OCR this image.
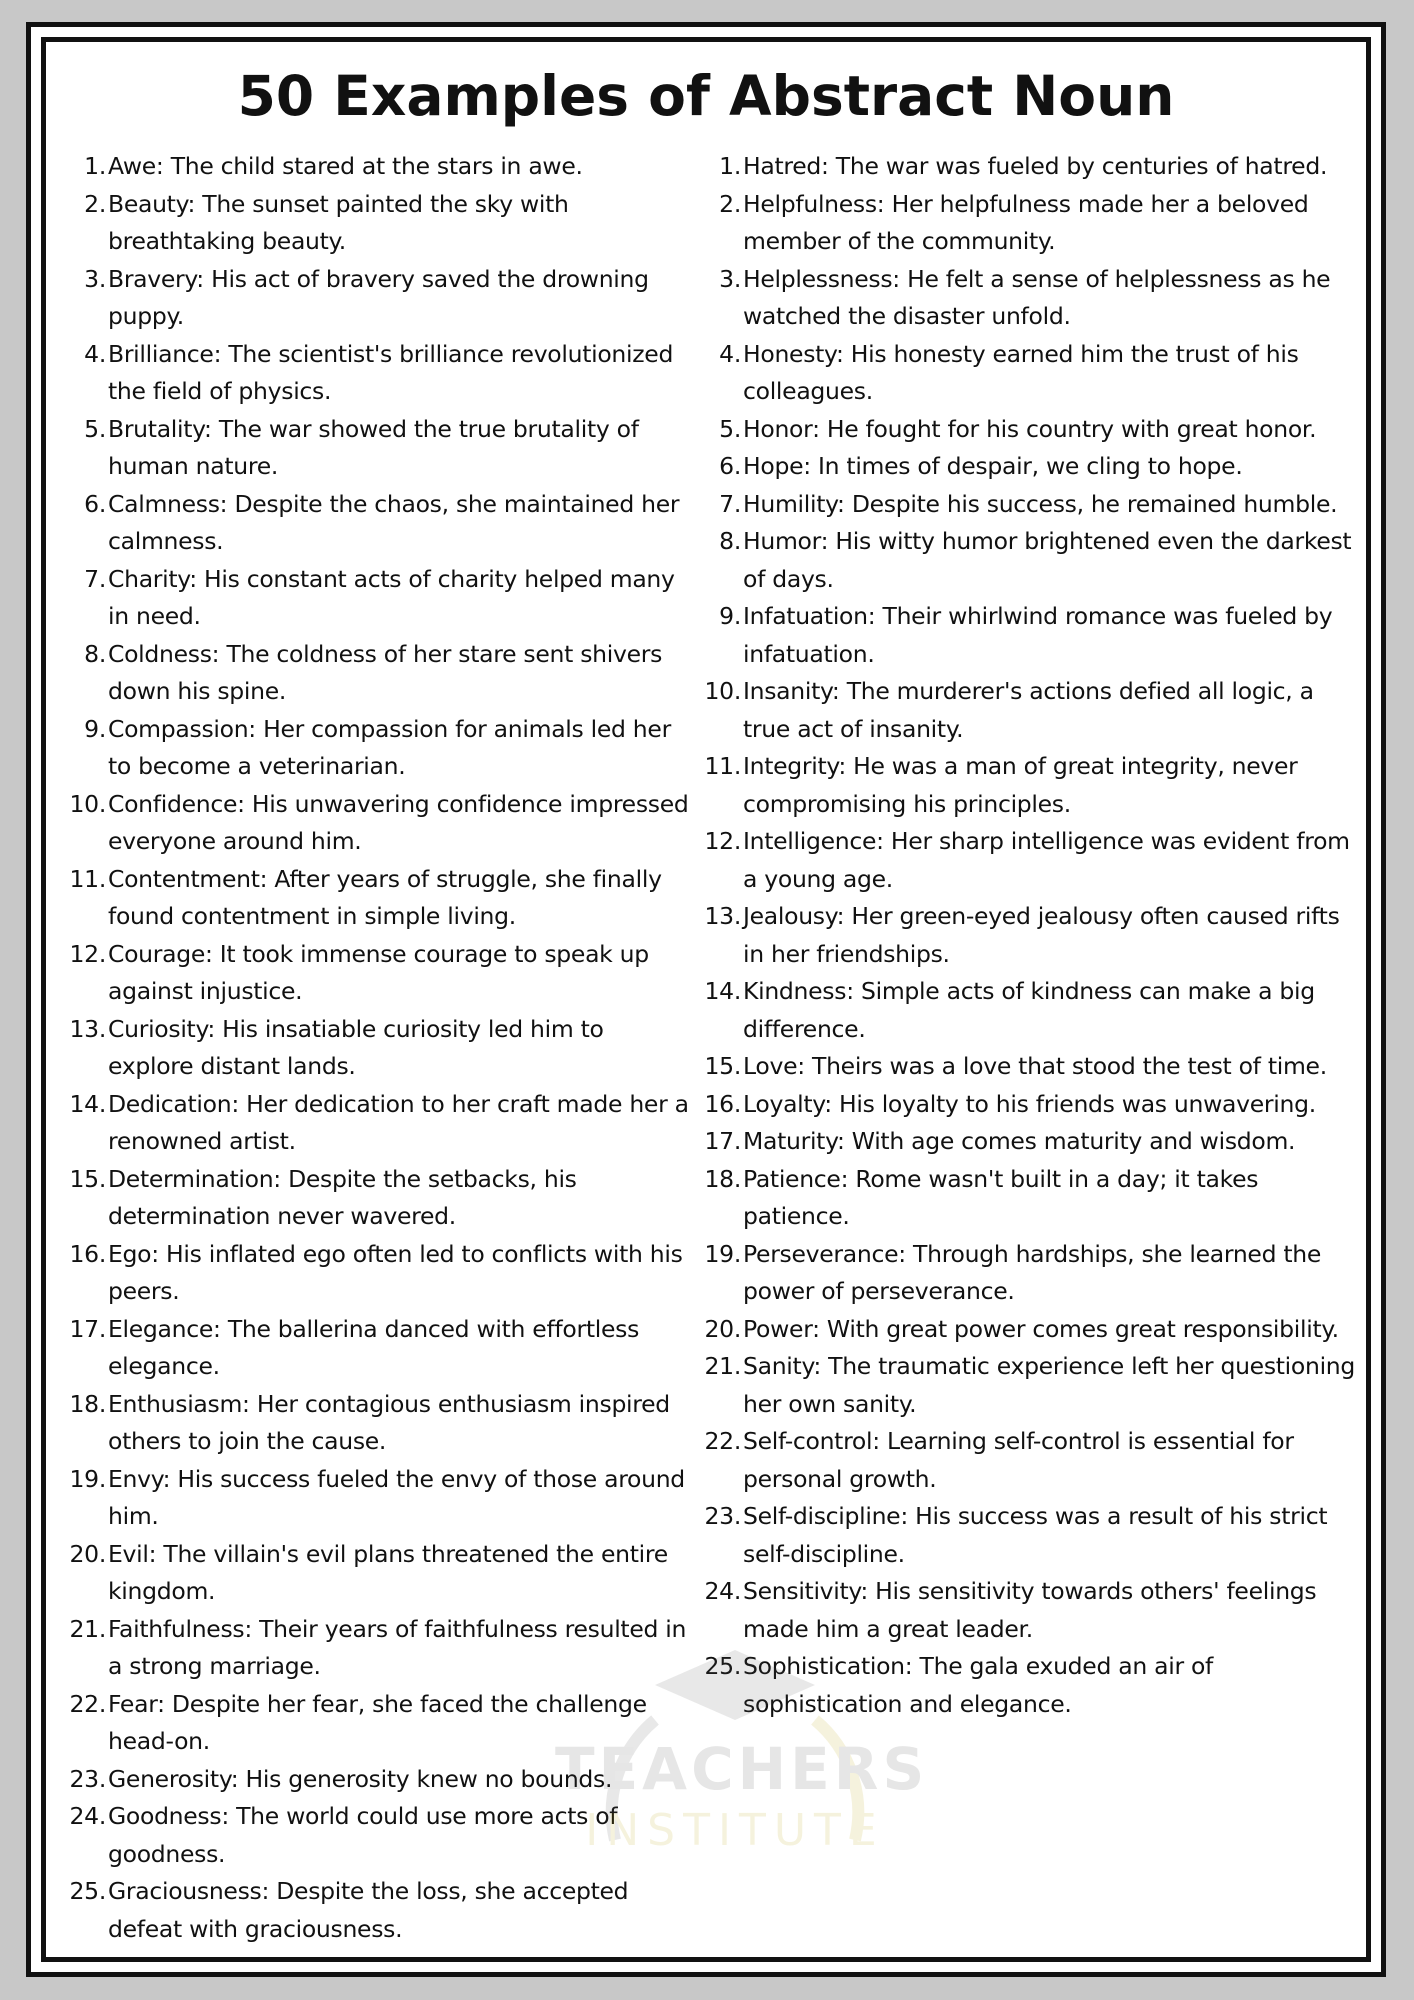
50 Examples of Abstract Noun
1. Awe: The child stared at the stars in awe.
2. Beauty: The sunset painted the sky with breathtaking beauty.
3. Bravery: His act of bravery saved the drowning puppy.
4. Brilliance: The scientist's brilliance revolutionized the field of physics.
5. Brutality: The war showed the true brutality of human nature.
6. Calmness: Despite the chaos, she maintained her calmness.
7. Charity: His constant acts of charity helped many in need.
8. Coldness: The coldness of her stare sent shivers down his spine.
9. Compassion: Her compassion for animals led her to become a veterinarian.
10. Confidence: His unwavering confidence impressed everyone around him.
11. Contentment: After years of struggle, she finally found contentment in simple living.
12. Courage: It took immense courage to speak up against injustice.
13. Curiosity: His insatiable curiosity led him to explore distant lands.
14. Dedication: Her dedication to her craft made her a renowned artist.
15. Determination: Despite the setbacks, his determination never wavered.
16. Ego: His inflated ego often led to conflicts with his peers.
17. Elegance: The ballerina danced with effortless elegance.
18. Enthusiasm: Her contagious enthusiasm inspired others to join the cause.
19. Envy: His success fueled the envy of those around him.
20. Evil: The villain's evil plans threatened the entire kingdom.
21. Faithfulness: Their years of faithfulness resulted in a strong marriage.
22. Fear: Despite her fear, she faced the challenge head-on.
23. Generosity: His generosity knew no bounds.
24. Goodness: The world could use more acts of goodness.
25. Graciousness: Despite the loss, she accepted defeat with graciousness.
1. Hatred: The war was fueled by centuries of hatred.
2. Helpfulness: Her helpfulness made her a beloved member of the community.
3. Helplessness: He felt a sense of helplessness as he watched the disaster unfold.
4. Honesty: His honesty earned him the trust of his colleagues.
5. Honor: He fought for his country with great honor.
6. Hope: In times of despair, we cling to hope.
7. Humility: Despite his success, he remained humble.
8. Humor: His witty humor brightened even the darkest of days.
9. Infatuation: Their whirlwind romance was fueled by infatuation.
10. Insanity: The murderer's actions defied all logic, a true act of insanity.
11. Integrity: He was a man of great integrity, never compromising his principles.
12. Intelligence: Her sharp intelligence was evident from a young age.
13. Jealousy: Her green-eyed jealousy often caused rifts in her friendships.
14. Kindness: Simple acts of kindness can make a big difference.
15. Love: Theirs was a love that stood the test of time.
16. Loyalty: His loyalty to his friends was unwavering.
17. Maturity: With age comes maturity and wisdom.
18. Patience: Rome wasn't built in a day; it takes patience.
19. Perseverance: Through hardships, she learned the power of perseverance.
20. Power: With great power comes great responsibility.
21. Sanity: The traumatic experience left her questioning her own sanity.
22. Self-control: Learning self-control is essential for personal growth.
23. Self-discipline: His success was a result of his strict self-discipline.
24. Sensitivity: His sensitivity towards others' feelings made him a great leader.
25. Sophistication: The gala exuded an air of sophistication and elegance.
